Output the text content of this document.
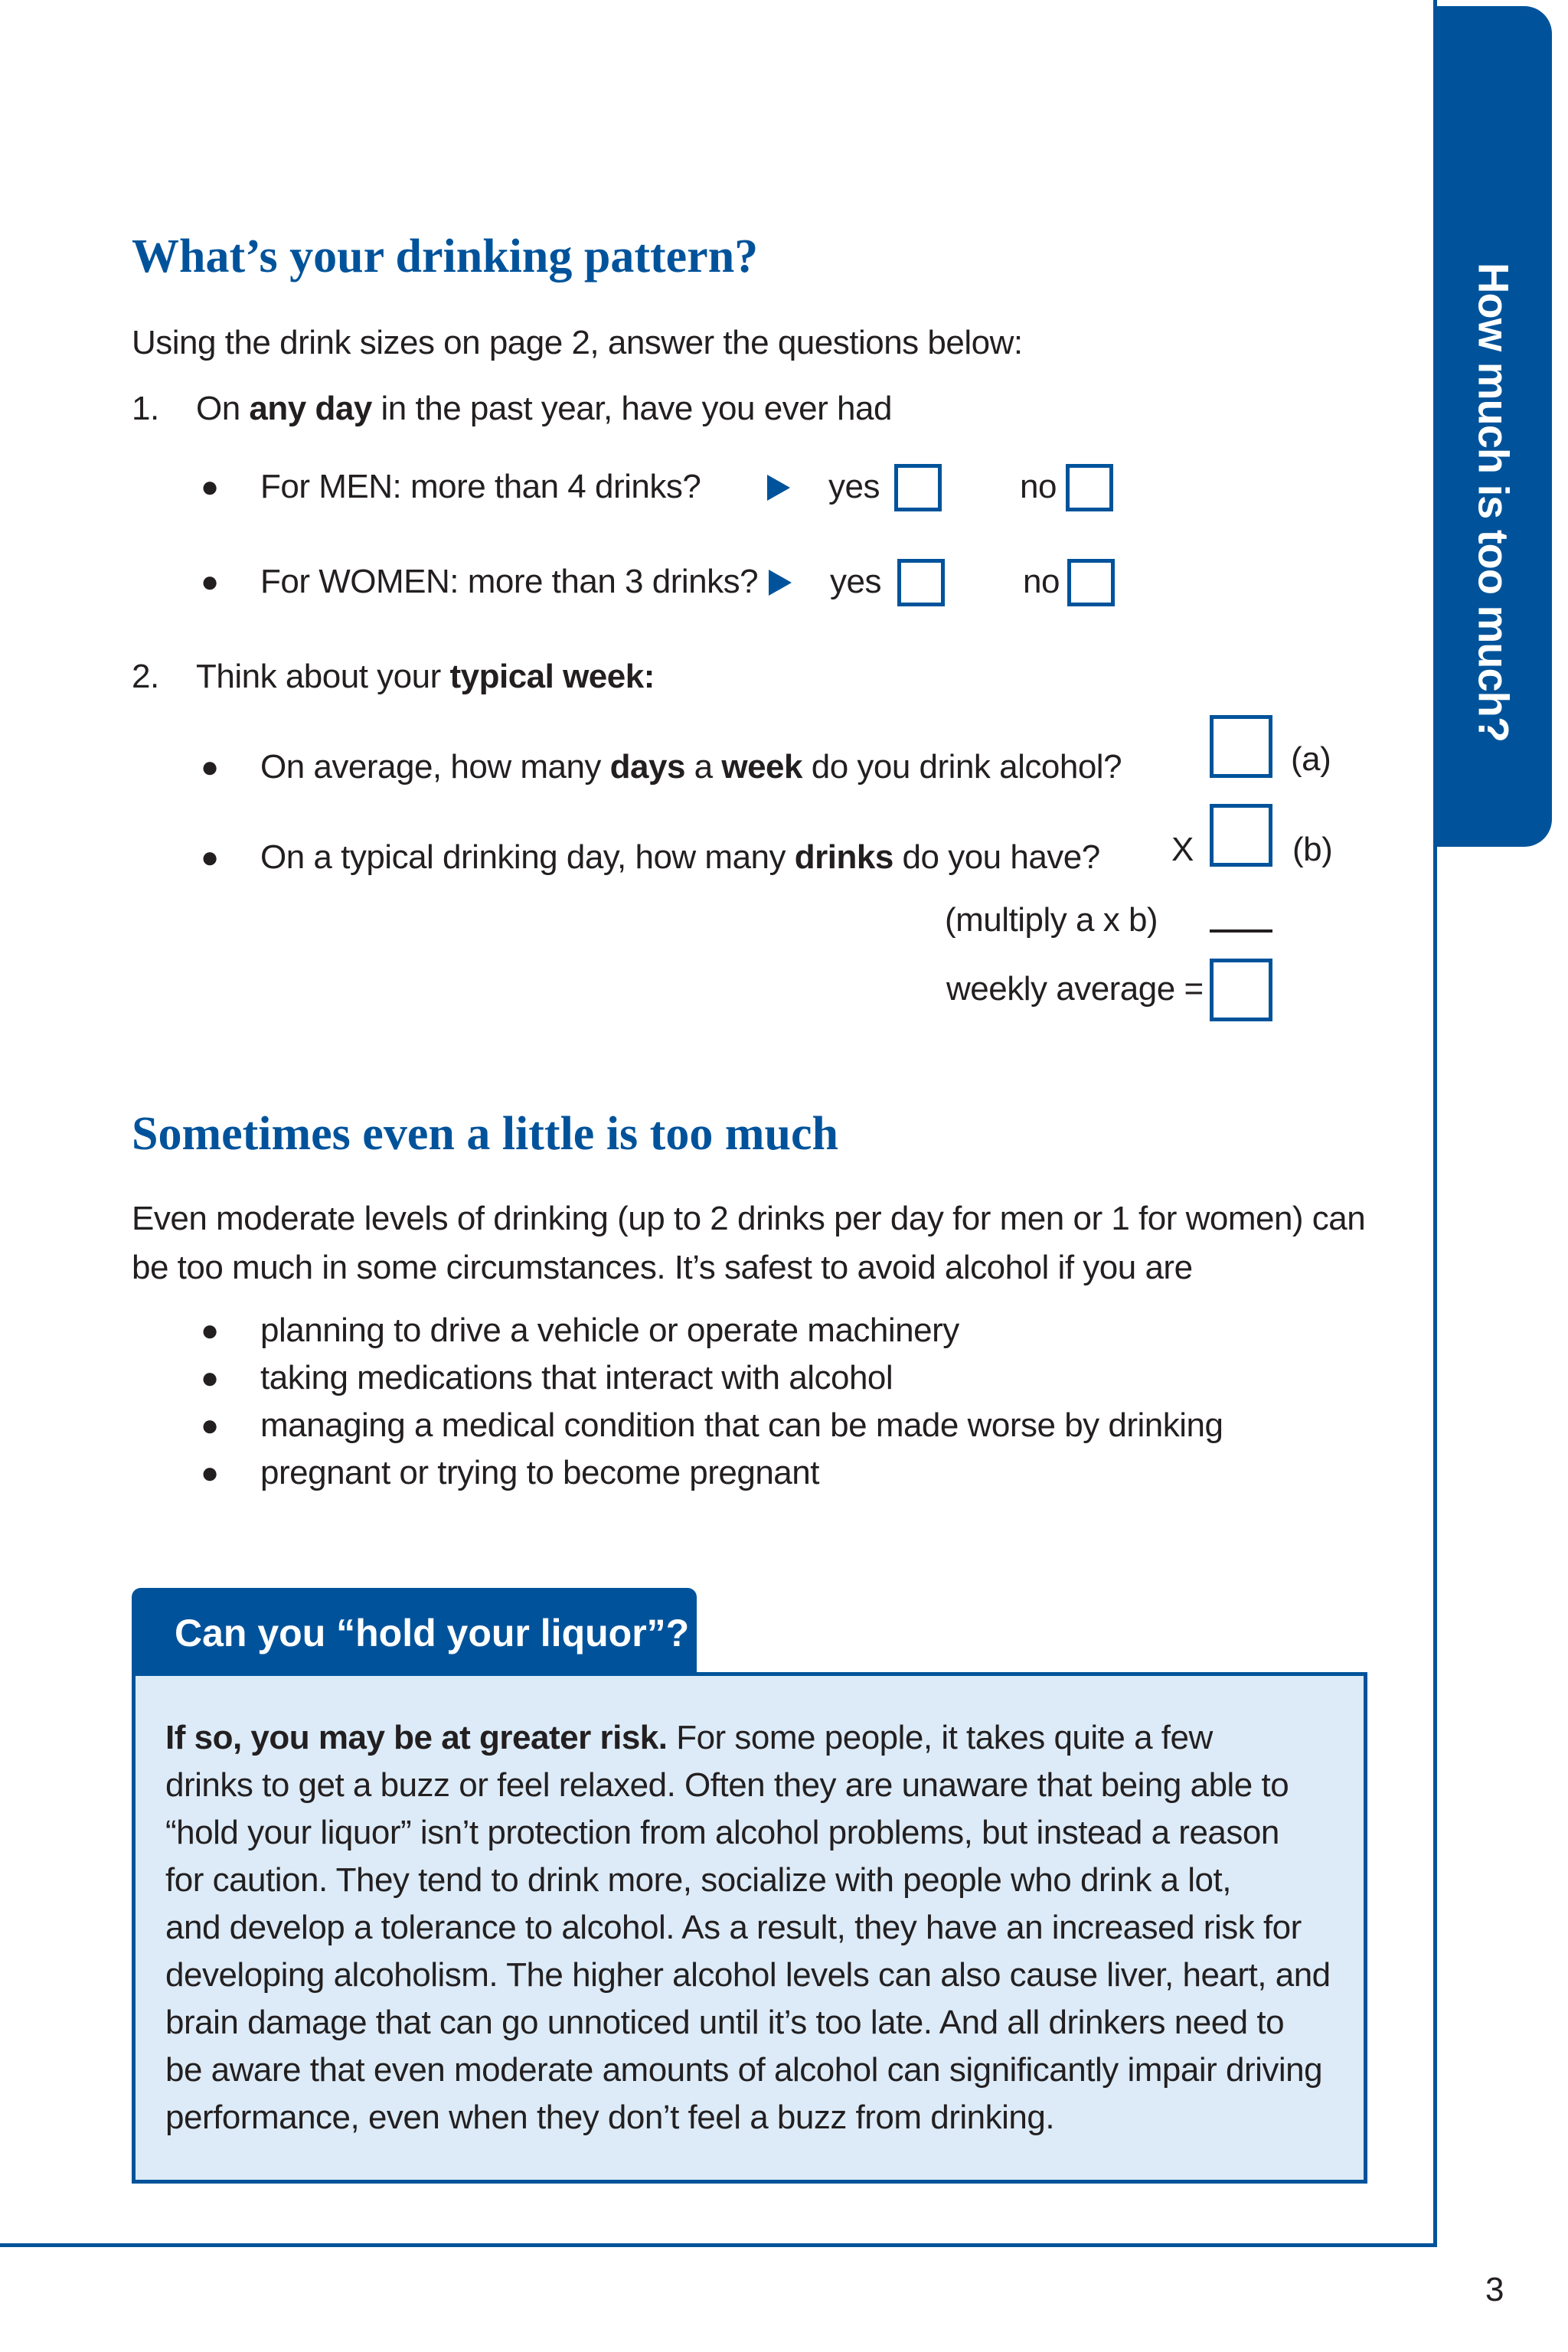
How much is too much?
What’s your drinking pattern?
Using the drink sizes on page 2, answer the questions below:
1. On any day in the past year, have you ever had
● For MEN: more than 4 drinks?	yes	no
● For WOMEN: more than 3 drinks? yes	no
2. Think about your typical week:
● On average, how many days a week do you drink alcohol?	(a)
● On a typical drinking day, how many drinks do you have? X	(b)
(multiply a x b)
weekly average =
Sometimes even a little is too much
Even moderate levels of drinking (up to 2 drinks per day for men or 1 for women) can
be too much in some circumstances. It’s safest to avoid alcohol if you are
● planning to drive a vehicle or operate machinery
● taking medications that interact with alcohol
● managing a medical condition that can be made worse by drinking
● pregnant or trying to become pregnant
Can you “hold your liquor”?
If so, you may be at greater risk. For some people, it takes quite a few
drinks to get a buzz or feel relaxed. Often they are unaware that being able to
“hold your liquor” isn’t protection from alcohol problems, but instead a reason
for caution. They tend to drink more, socialize with people who drink a lot,
and develop a tolerance to alcohol. As a result, they have an increased risk for
developing alcoholism. The higher alcohol levels can also cause liver, heart, and
brain damage that can go unnoticed until it’s too late. And all drinkers need to
be aware that even moderate amounts of alcohol can significantly impair driving
performance, even when they don’t feel a buzz from drinking.
3
